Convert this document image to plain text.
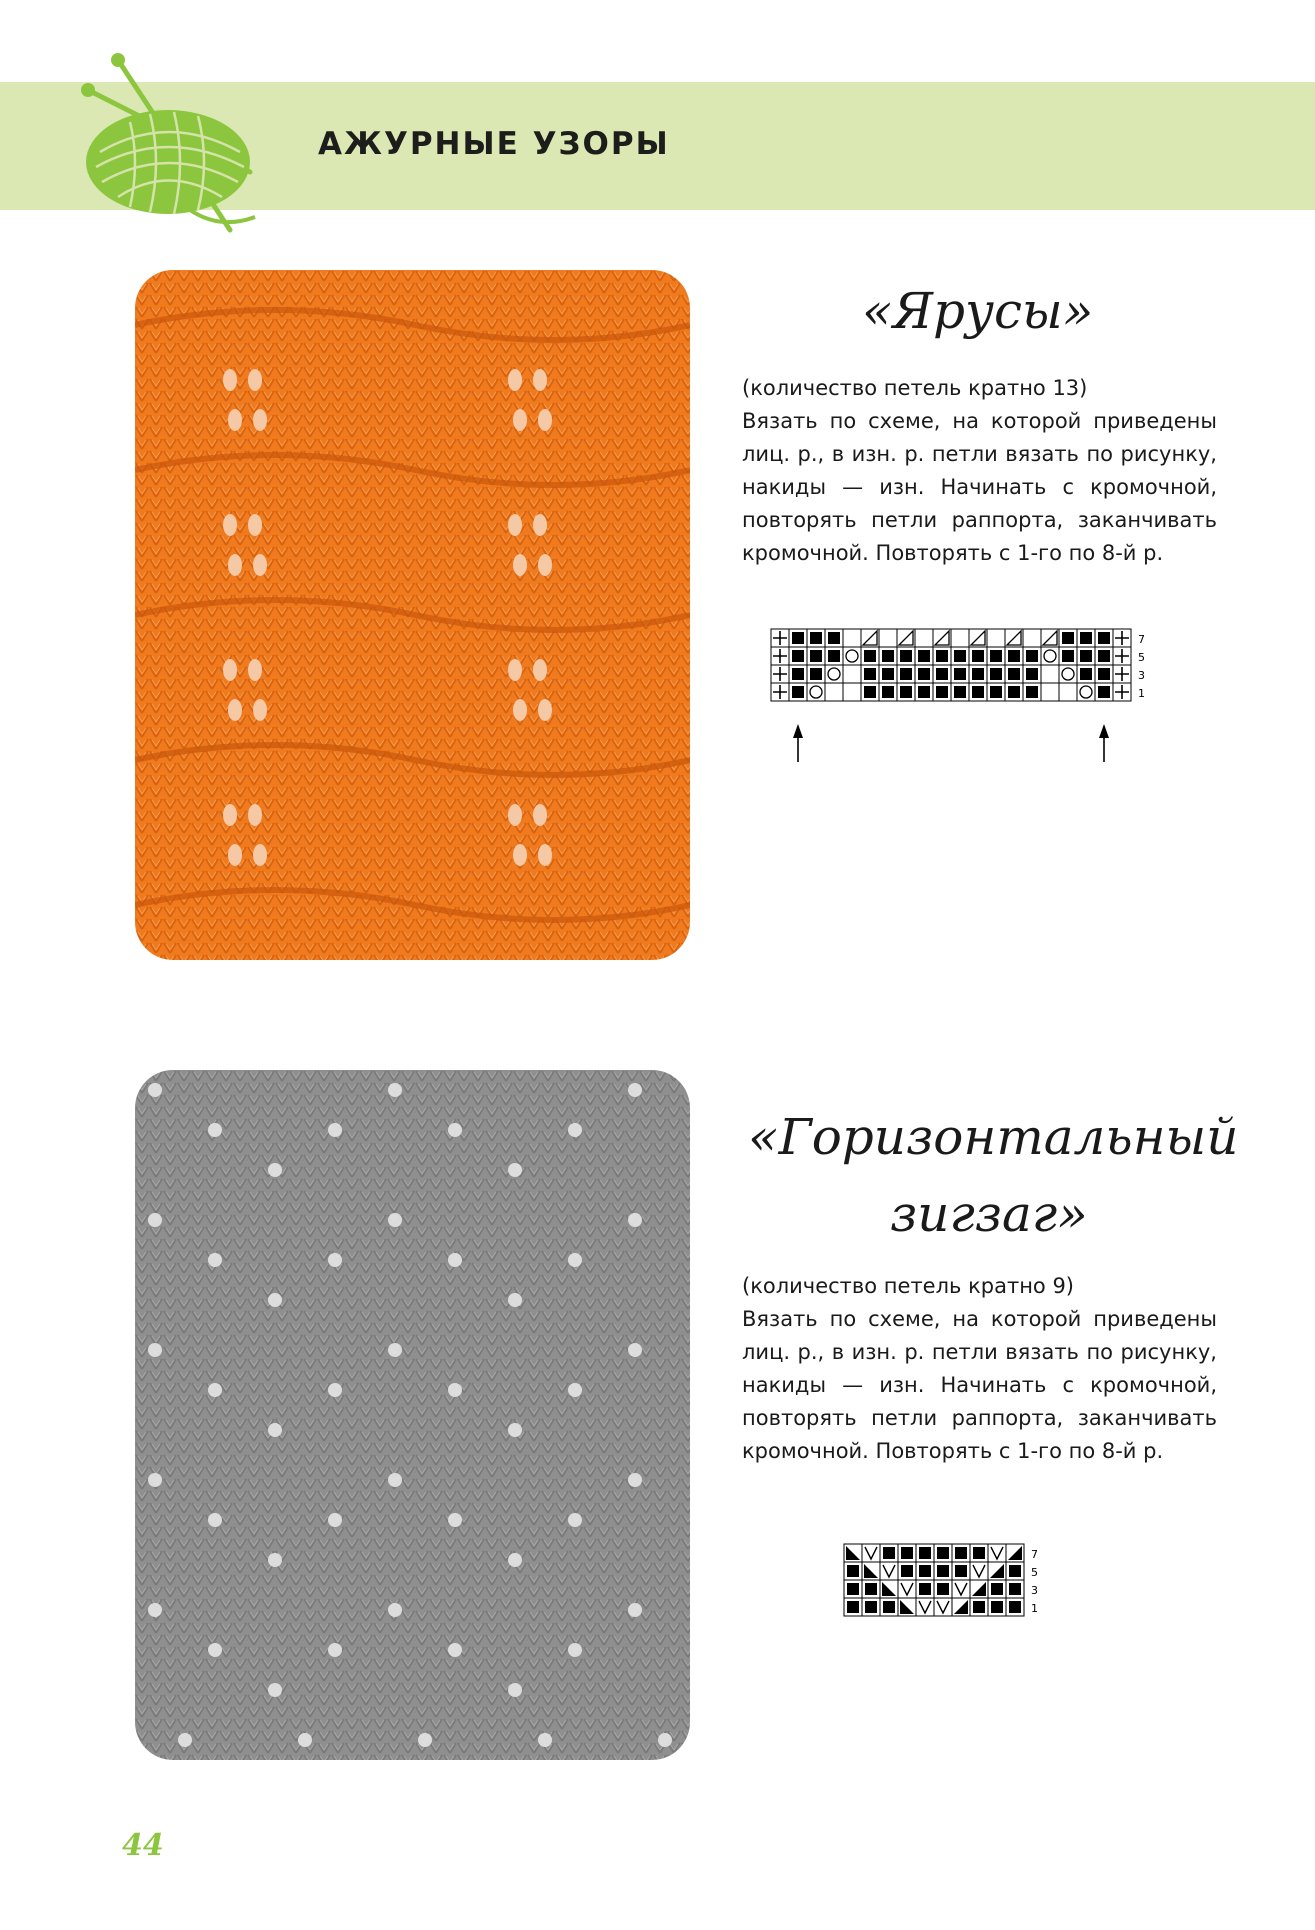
АЖУРНЫЕ УЗОРЫ
«Ярусы»

(количество петель кратно 13)

Вязать по схеме, на которой приведены лиц. р., в изн. р. петли вязать по рисунку, накиды — изн. Начинать с кромочной, повторять петли раппорта, заканчивать кромочной. Повторять с 1-го по 8-й р.

7
5
3
1
«Горизонтальный
зигзаг»

(количество петель кратно 9)

Вязать по схеме, на которой приведены лиц. р., в изн. р. петли вязать по рисунку, накиды — изн. Начинать с кромочной, повторять петли раппорта, заканчивать кромочной. Повторять с 1-го по 8-й р.

7
5
3
1
44
